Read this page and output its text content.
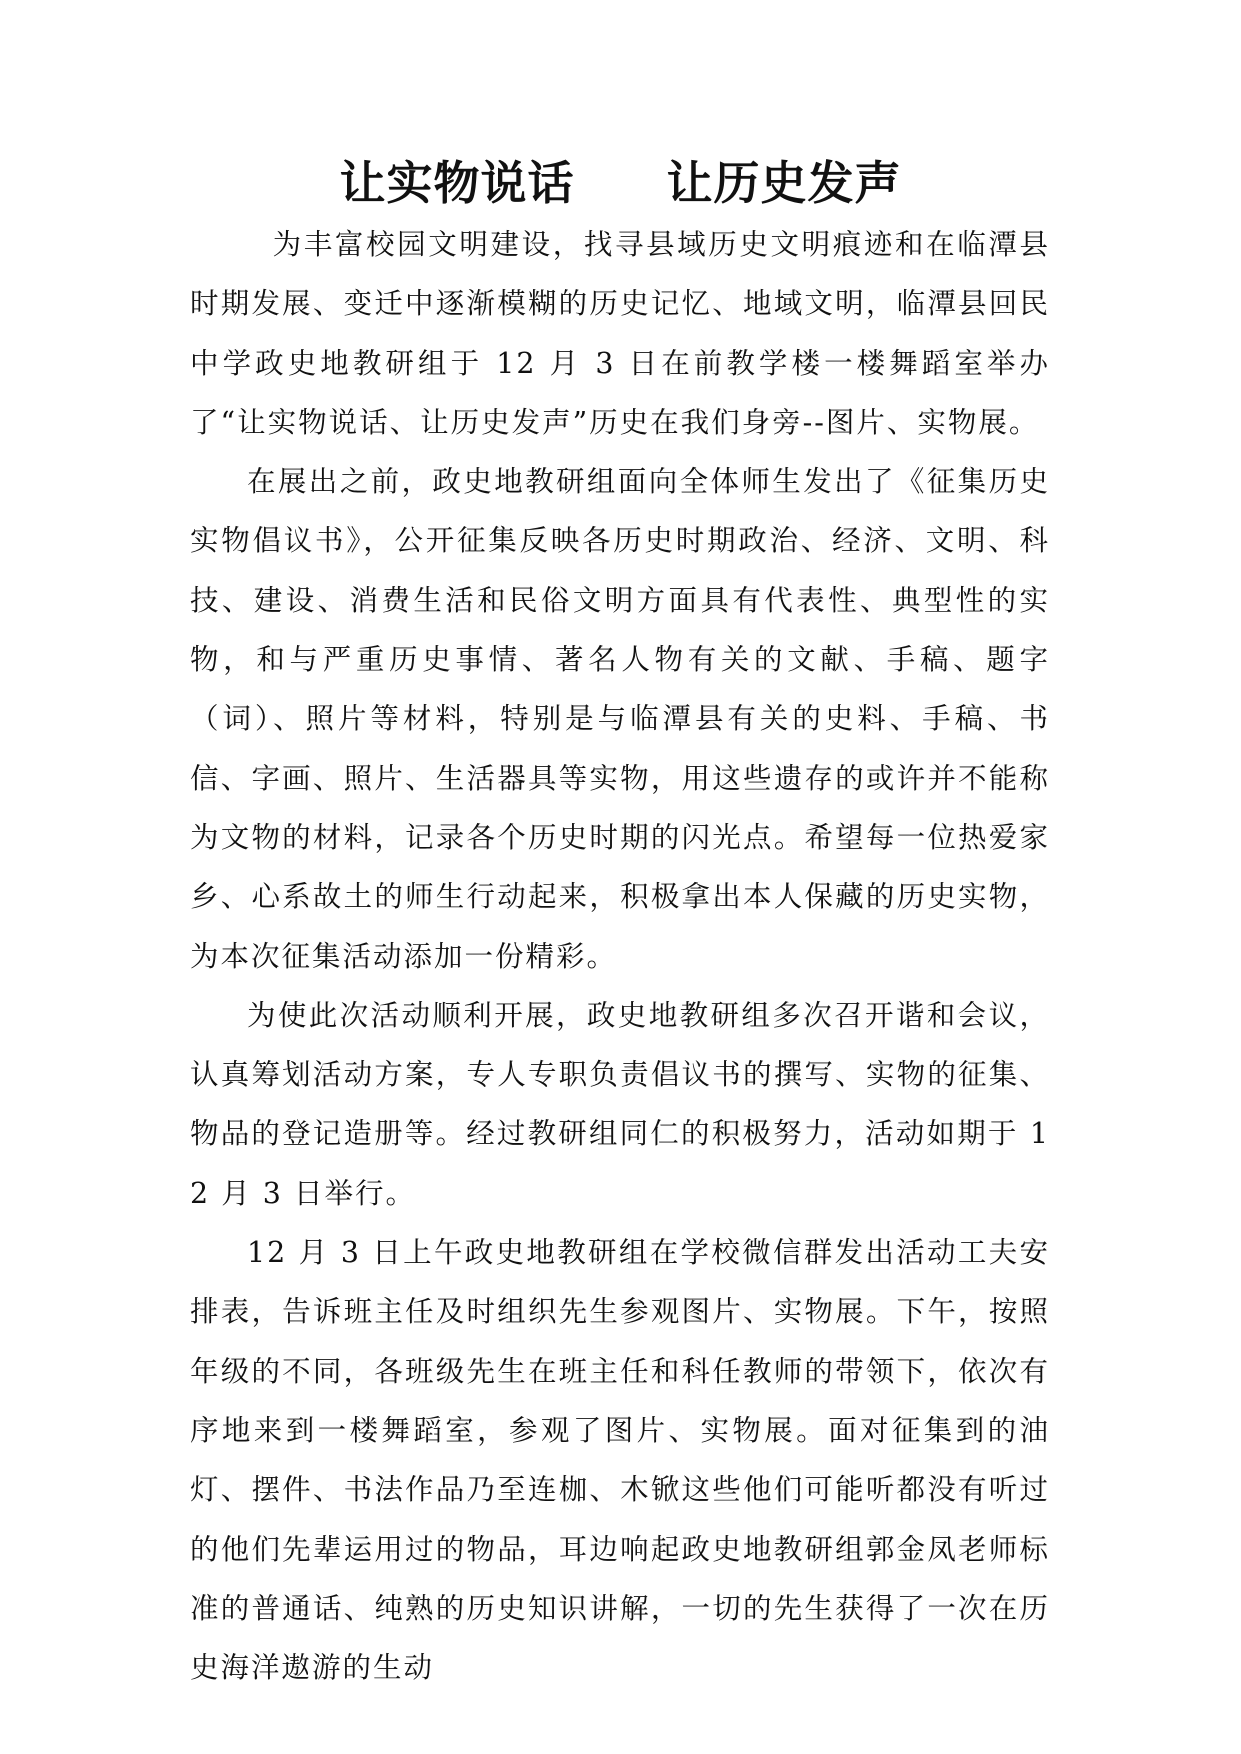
让实物说话 让历史发声

为丰富校园文明建设，找寻县域历史文明痕迹和在临潭县时期发展、变迁中逐渐模糊的历史记忆、地域文明，临潭县回民中学政史地教研组于 12 月 3 日在前教学楼一楼舞蹈室举办了“让实物说话、让历史发声”历史在我们身旁--图片、实物展。

在展出之前，政史地教研组面向全体师生发出了《征集历史实物倡议书》，公开征集反映各历史时期政治、经济、文明、科技、建设、消费生活和民俗文明方面具有代表性、典型性的实物，和与严重历史事情、著名人物有关的文献、手稿、题字（词）、照片等材料，特别是与临潭县有关的史料、手稿、书信、字画、照片、生活器具等实物，用这些遗存的或许并不能称为文物的材料，记录各个历史时期的闪光点。希望每一位热爱家乡、心系故土的师生行动起来，积极拿出本人保藏的历史实物，为本次征集活动添加一份精彩。

为使此次活动顺利开展，政史地教研组多次召开谐和会议，认真筹划活动方案，专人专职负责倡议书的撰写、实物的征集、物品的登记造册等。经过教研组同仁的积极努力，活动如期于 12 月 3 日举行。

12 月 3 日上午政史地教研组在学校微信群发出活动工夫安排表，告诉班主任及时组织先生参观图片、实物展。下午，按照年级的不同，各班级先生在班主任和科任教师的带领下，依次有序地来到一楼舞蹈室，参观了图片、实物展。面对征集到的油灯、摆件、书法作品乃至连枷、木锨这些他们可能听都没有听过的他们先辈运用过的物品，耳边响起政史地教研组郭金凤老师标准的普通话、纯熟的历史知识讲解，一切的先生获得了一次在历史海洋遨游的生动
